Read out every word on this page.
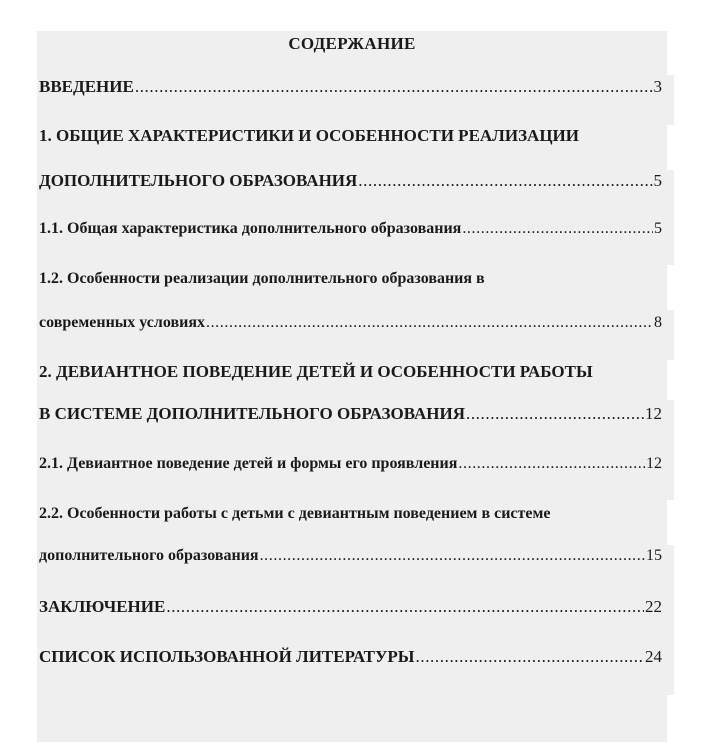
СОДЕРЖАНИЕ
ВВЕДЕНИЕ .....	3
1. ОБЩИЕ ХАРАКТЕРИСТИКИ И ОСОБЕННОСТИ РЕАЛИЗАЦИИ
ДОПОЛНИТЕЛЬНОГО ОБРАЗОВАНИЯ .....	5
1.1. Общая характеристика дополнительного образования .....	5
1.2. Особенности реализации дополнительного образования в
современных условиях .....	8
2. ДЕВИАНТНОЕ ПОВЕДЕНИЕ ДЕТЕЙ И ОСОБЕННОСТИ РАБОТЫ
В СИСТЕМЕ ДОПОЛНИТЕЛЬНОГО ОБРАЗОВАНИЯ .....	12
2.1. Девиантное поведение детей и формы его проявления .....	12
2.2. Особенности работы с детьми с девиантным поведением в системе
дополнительного образования .....	15
ЗАКЛЮЧЕНИЕ .....	22
СПИСОК ИСПОЛЬЗОВАННОЙ ЛИТЕРАТУРЫ .....	24
